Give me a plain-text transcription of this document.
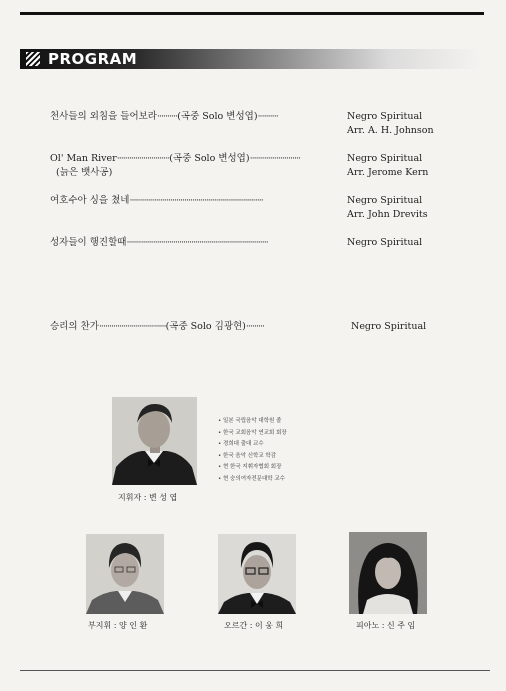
PROGRAM
천사들의 외침을 들어보라··········(곡중 Solo 변성엽)··········	Negro Spiritual
Arr. A. H. Johnson
Ol' Man River··························(곡중 Solo 변성엽)·························	Negro Spiritual
(늙은 뱃사공)	Arr. Jerome Kern
여호수아 싱을 쳤네··································································	Negro Spiritual
Arr. John Drevits
성자들이 행진할때······································································	Negro Spiritual
승리의 찬가·································(곡중 Solo 김광현)·········	Negro Spiritual
• 일본 국립음악 대학원 졸
• 한국 교회음악 연교회 회장
• 경희대 출대 교수
• 한국 음악 신학교 학감
• 현 한국 지휘자협회 회장
• 현 숭의여자전문대학 교수
지휘자 : 변 성 엽
부지휘 : 양 인 환	오르간 : 이 웅 희	피아노 : 신 주 임
